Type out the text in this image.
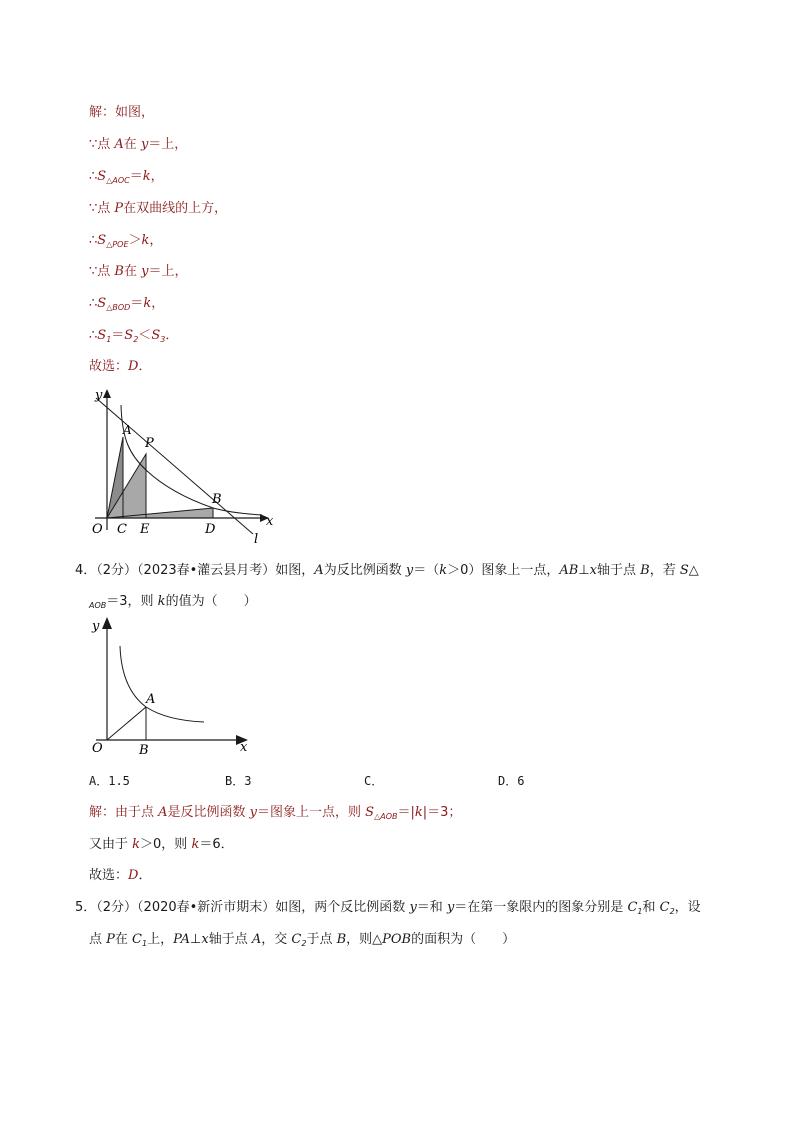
解：如图，
∵点 A在 y＝上，
$\therefore S_{\triangle AOC}=k$，
∵点 P在双曲线的上方，
$\therefore S_{\triangle POE}>k$，
∵点 B在 y＝上，
$\therefore S_{\triangle BOD}=k$，
$\therefore S_1=S_2<S_3$．
故选：D．
y
x
l
O
A
P
B
C E	D
4．（2分）（2023春•灌云县月考）如图，A为反比例函数 y＝（k＞0）图象上一点，AB⊥x轴于点 B，若 S△
$_{AOB}$＝3，则 k的值为（　　）
y
x
O
A
B
A．1.5	B．3	C．	D．6
解：由于点 A是反比例函数 y＝图象上一点，则 $S_{\triangle AOB}=|k|=3$；
又由于 k＞0，则 k＝6．
故选：D．
5．（2分）（2020春•新沂市期末）如图，两个反比例函数 y＝和 y＝在第一象限内的图象分别是 $C_1$和 $C_2$，设
点 P在 $C_1$上，PA⊥x轴于点 A，交 $C_2$于点 B，则△POB的面积为（　　）
